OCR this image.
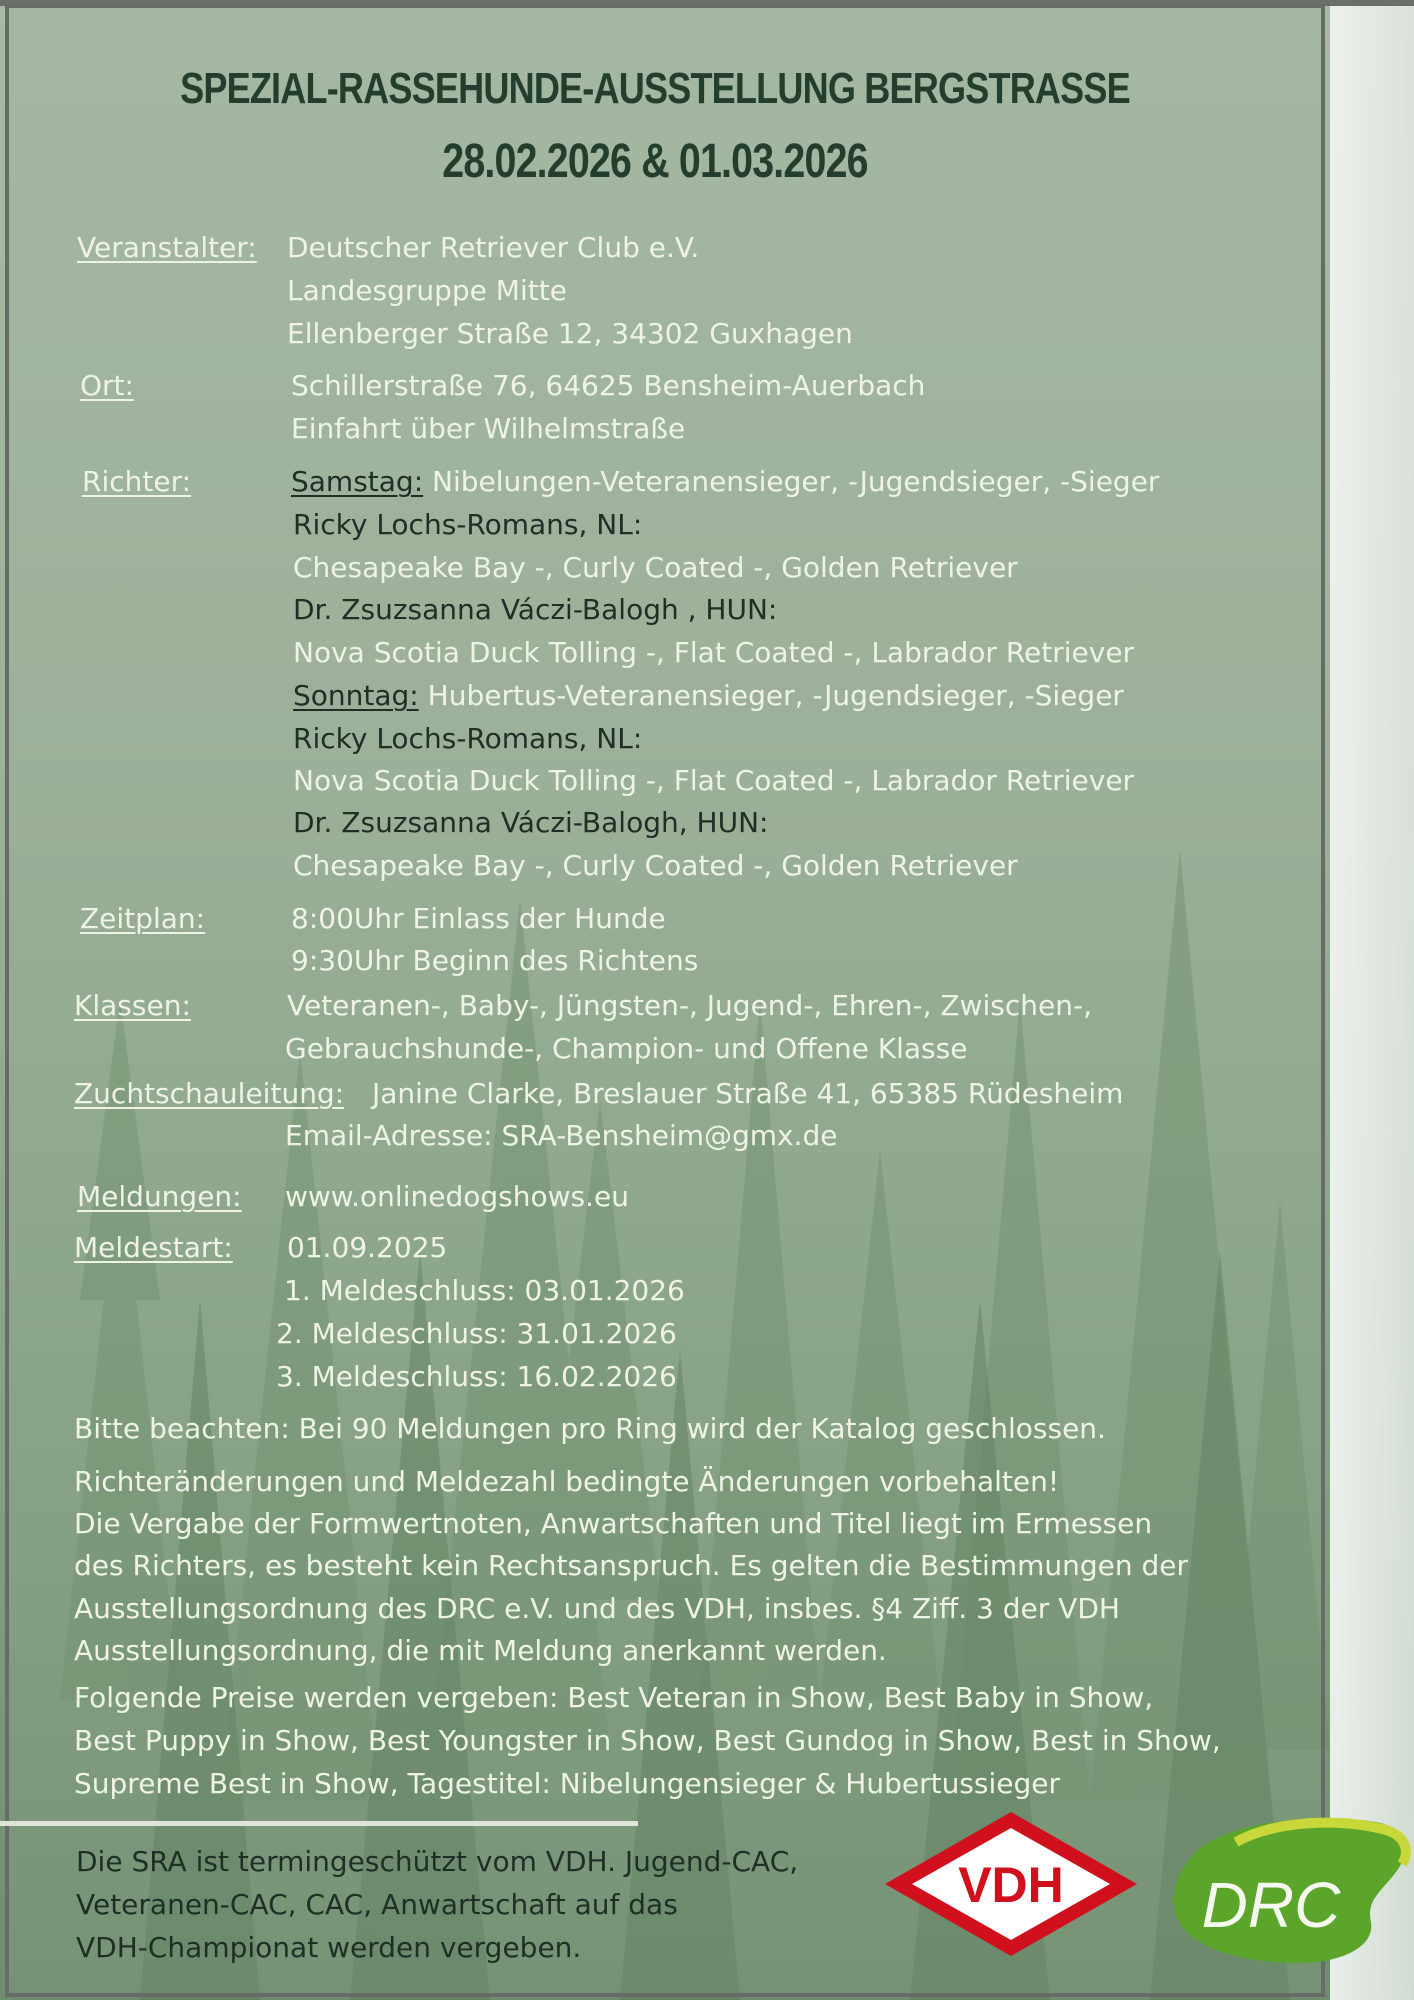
SPEZIAL-RASSEHUNDE-AUSSTELLUNG BERGSTRASSE
28.02.2026 & 01.03.2026
Veranstalter: Deutscher Retriever Club e.V.
Landesgruppe Mitte
Ellenberger Straße 12, 34302 Guxhagen
Ort:	Schillerstraße 76, 64625 Bensheim-Auerbach
Einfahrt über Wilhelmstraße
Richter:	Samstag: Nibelungen-Veteranensieger, -Jugendsieger, -Sieger
Ricky Lochs-Romans, NL:
Chesapeake Bay -, Curly Coated -, Golden Retriever
Dr. Zsuzsanna Váczi-Balogh , HUN:
Nova Scotia Duck Tolling -, Flat Coated -, Labrador Retriever
Sonntag: Hubertus-Veteranensieger, -Jugendsieger, -Sieger
Ricky Lochs-Romans, NL:
Nova Scotia Duck Tolling -, Flat Coated -, Labrador Retriever
Dr. Zsuzsanna Váczi-Balogh, HUN:
Chesapeake Bay -, Curly Coated -, Golden Retriever
Zeitplan:	8:00Uhr Einlass der Hunde
9:30Uhr Beginn des Richtens
Klassen:	Veteranen-, Baby-, Jüngsten-, Jugend-, Ehren-, Zwischen-,
Gebrauchshunde-, Champion- und Offene Klasse
Zuchtschauleitung: Janine Clarke, Breslauer Straße 41, 65385 Rüdesheim
Email-Adresse: SRA-Bensheim@gmx.de
Meldungen: www.onlinedogshows.eu
Meldestart: 01.09.2025
1. Meldeschluss: 03.01.2026
2. Meldeschluss: 31.01.2026
3. Meldeschluss: 16.02.2026
Bitte beachten: Bei 90 Meldungen pro Ring wird der Katalog geschlossen.
Richteränderungen und Meldezahl bedingte Änderungen vorbehalten!
Die Vergabe der Formwertnoten, Anwartschaften und Titel liegt im Ermessen
des Richters, es besteht kein Rechtsanspruch. Es gelten die Bestimmungen der
Ausstellungsordnung des DRC e.V. und des VDH, insbes. §4 Ziff. 3 der VDH
Ausstellungsordnung, die mit Meldung anerkannt werden.
Folgende Preise werden vergeben: Best Veteran in Show, Best Baby in Show,
Best Puppy in Show, Best Youngster in Show, Best Gundog in Show, Best in Show,
Supreme Best in Show, Tagestitel: Nibelungensieger & Hubertussieger
Die SRA ist termingeschützt vom VDH. Jugend-CAC,
Veteranen-CAC, CAC, Anwartschaft auf das
VDH-Championat werden vergeben.
VDH DRC
